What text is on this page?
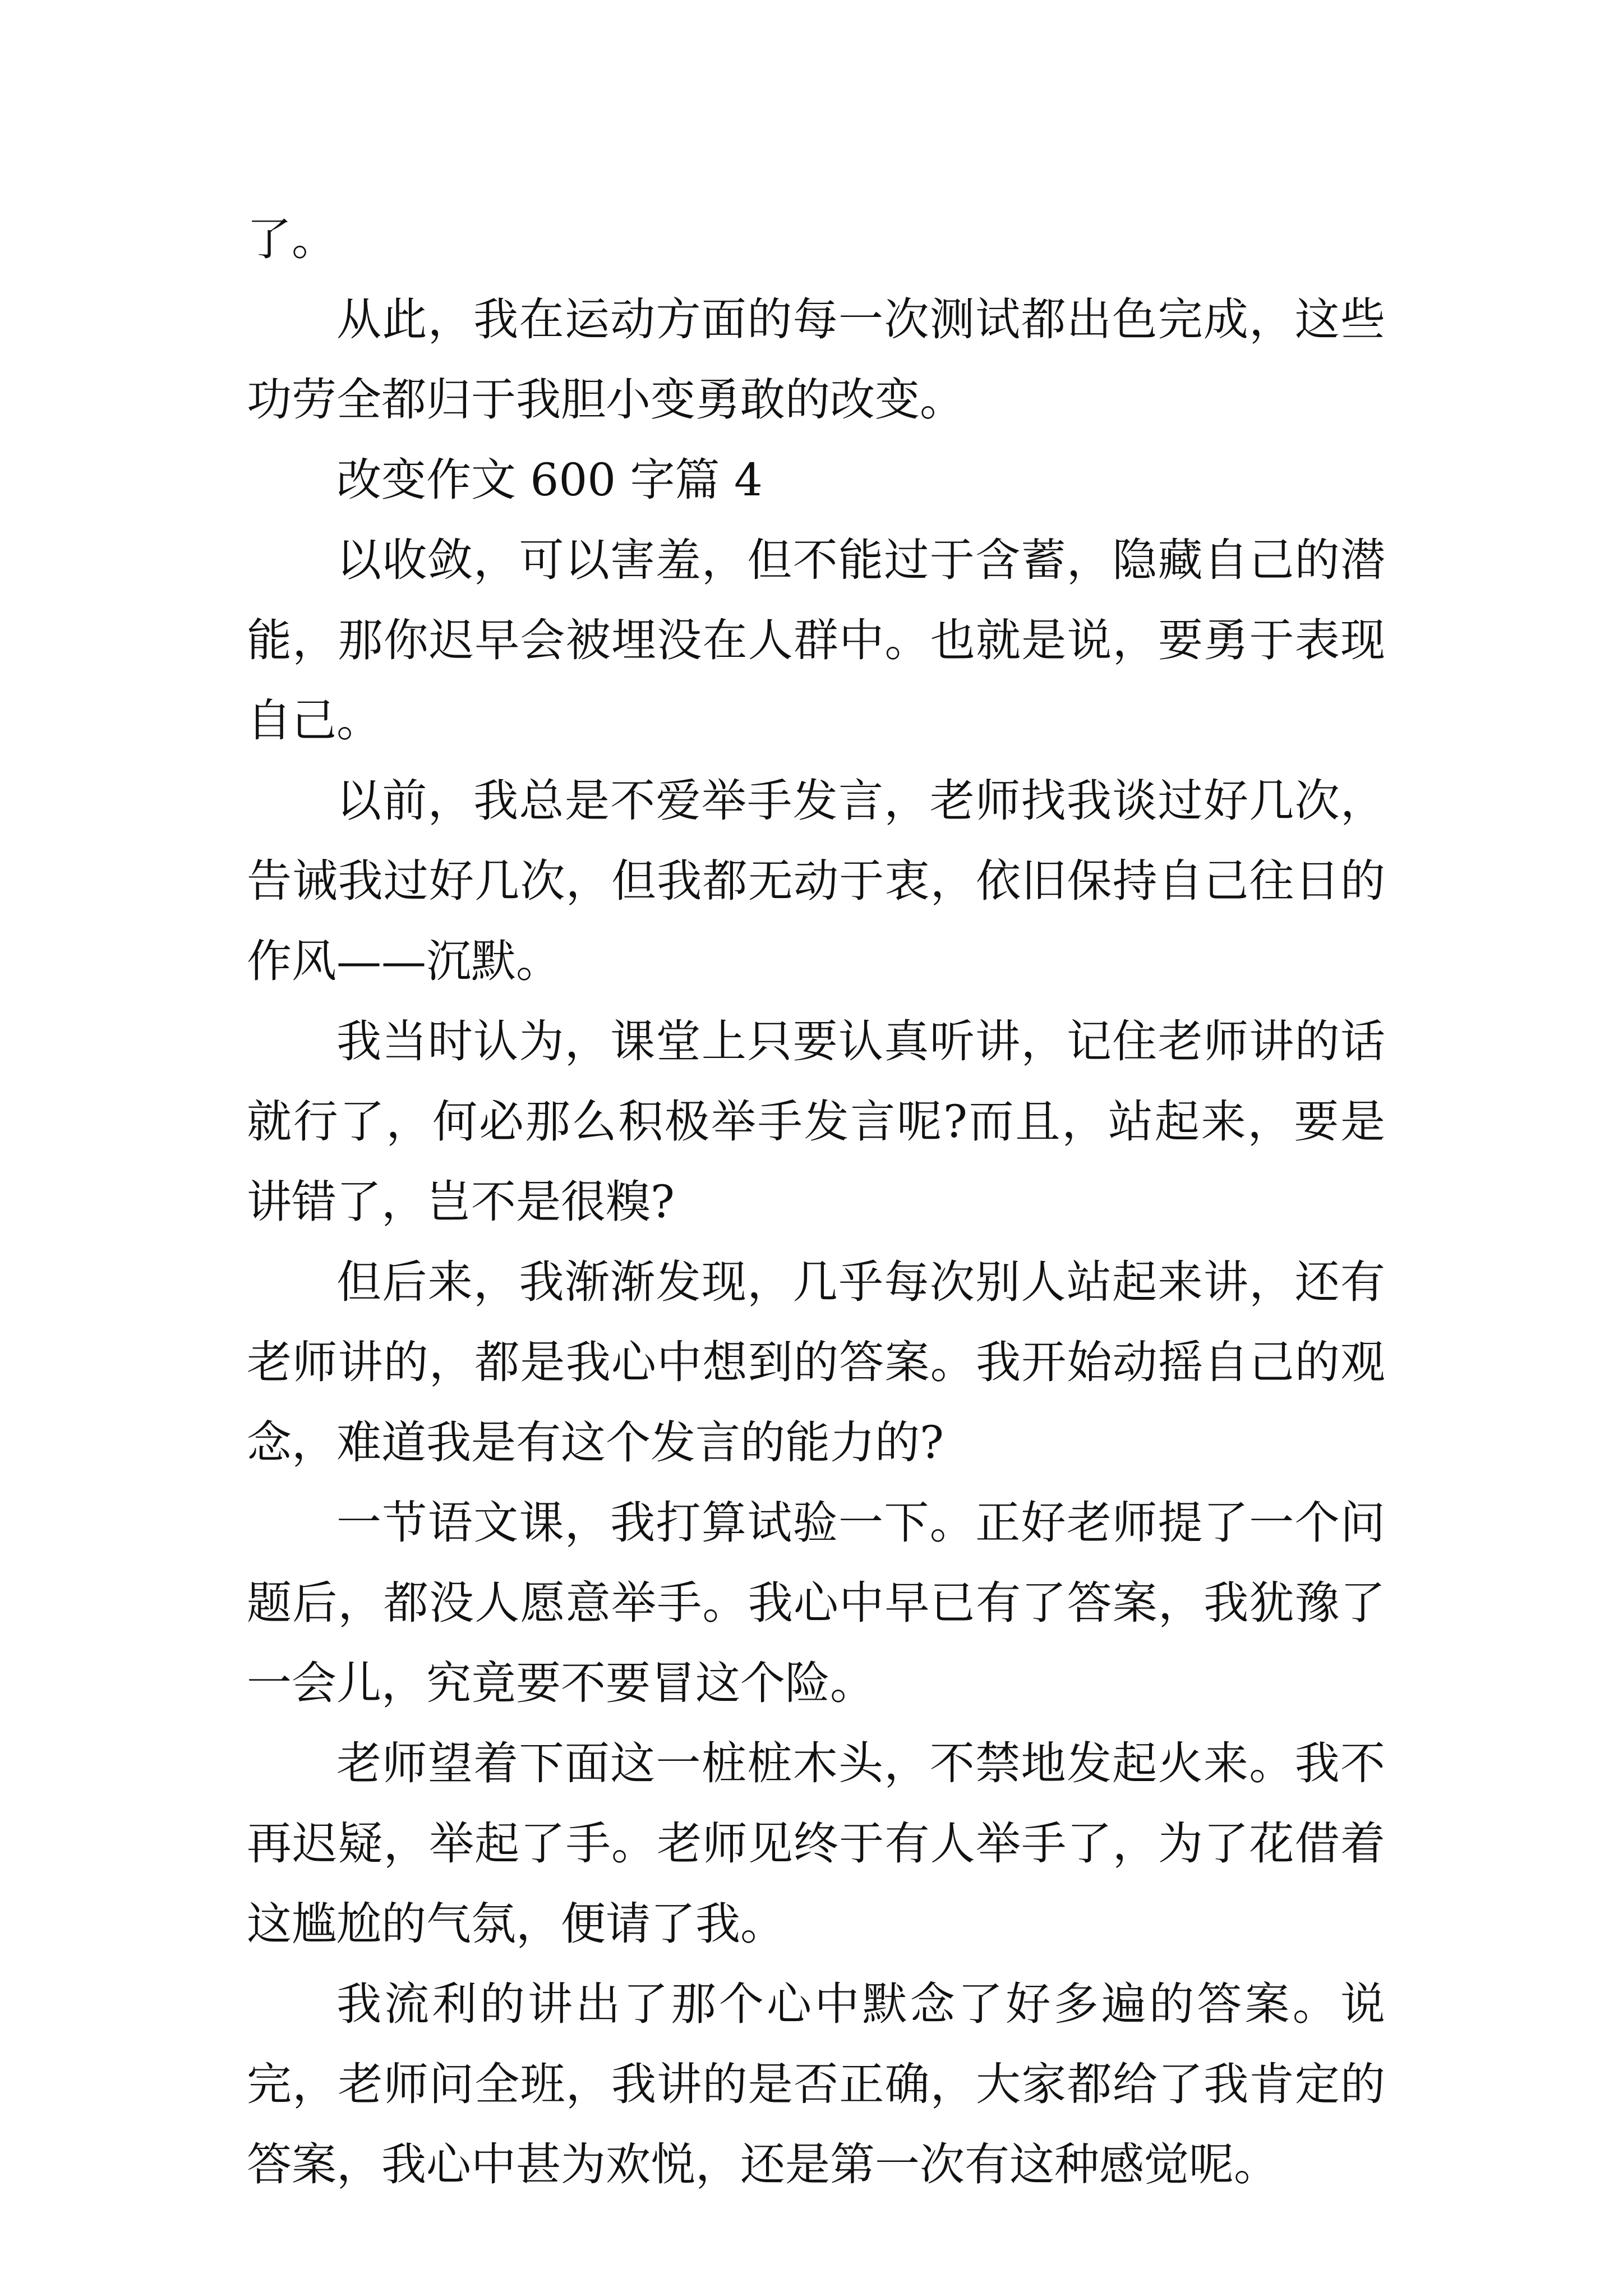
了。

从此，我在运动方面的每一次测试都出色完成，这些功劳全都归于我胆小变勇敢的改变。

改变作文 600 字篇 4

以收敛，可以害羞，但不能过于含蓄，隐藏自己的潜能，那你迟早会被埋没在人群中。也就是说，要勇于表现自己。

以前，我总是不爱举手发言，老师找我谈过好几次，告诫我过好几次，但我都无动于衷，依旧保持自己往日的作风——沉默。

我当时认为，课堂上只要认真听讲，记住老师讲的话就行了，何必那么积极举手发言呢?而且，站起来，要是讲错了，岂不是很糗?

但后来，我渐渐发现，几乎每次别人站起来讲，还有老师讲的，都是我心中想到的答案。我开始动摇自己的观念，难道我是有这个发言的能力的?

一节语文课，我打算试验一下。正好老师提了一个问题后，都没人愿意举手。我心中早已有了答案，我犹豫了一会儿，究竟要不要冒这个险。

老师望着下面这一桩桩木头，不禁地发起火来。我不再迟疑，举起了手。老师见终于有人举手了，为了花借着这尴尬的气氛，便请了我。

我流利的讲出了那个心中默念了好多遍的答案。说完，老师问全班，我讲的是否正确，大家都给了我肯定的答案，我心中甚为欢悦，还是第一次有这种感觉呢。
